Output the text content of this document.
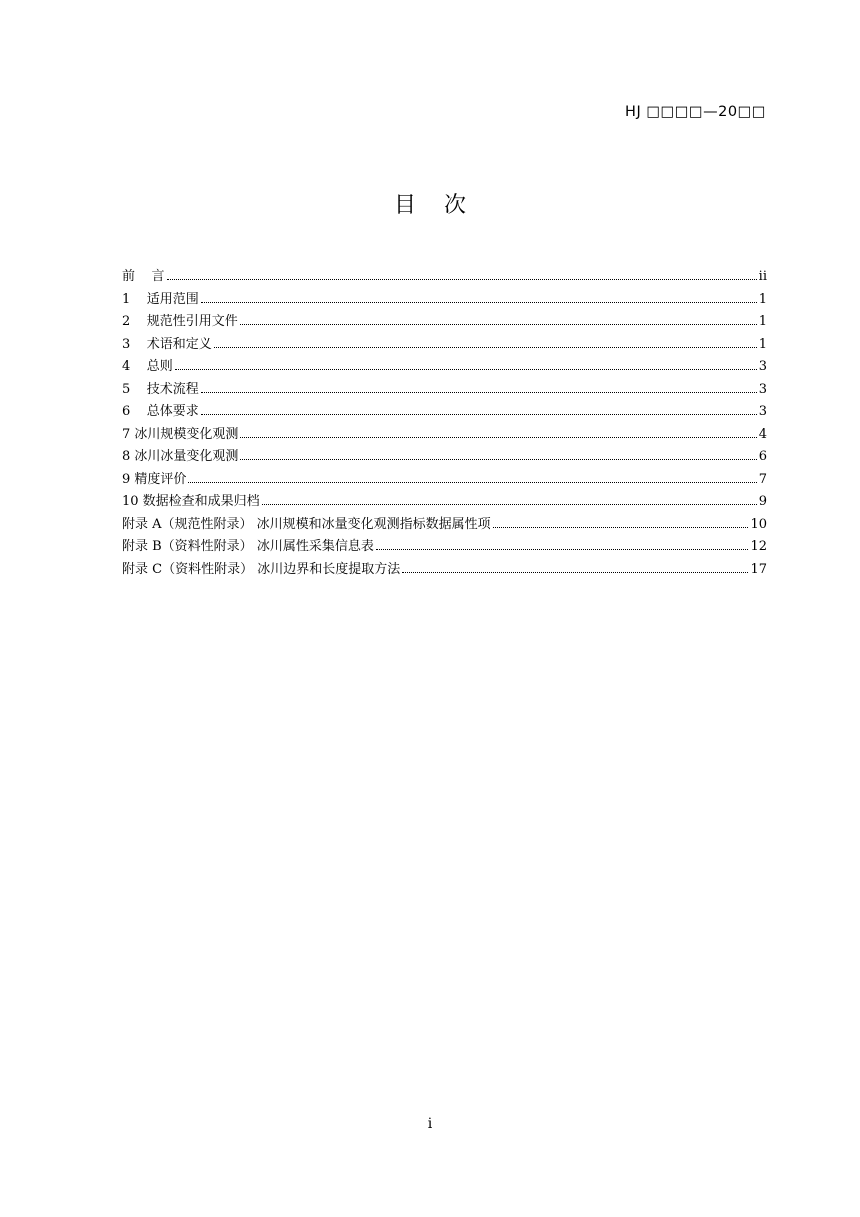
HJ □□□□—20□□
目    次
前    言	ii
1    适用范围	1
2    规范性引用文件	1
3    术语和定义	1
4    总则	3
5    技术流程	3
6    总体要求	3
7 冰川规模变化观测	4
8 冰川冰量变化观测	6
9 精度评价	7
10 数据检查和成果归档	9
附录 A（规范性附录） 冰川规模和冰量变化观测指标数据属性项	10
附录 B（资料性附录） 冰川属性采集信息表	12
附录 C（资料性附录） 冰川边界和长度提取方法	17
i
